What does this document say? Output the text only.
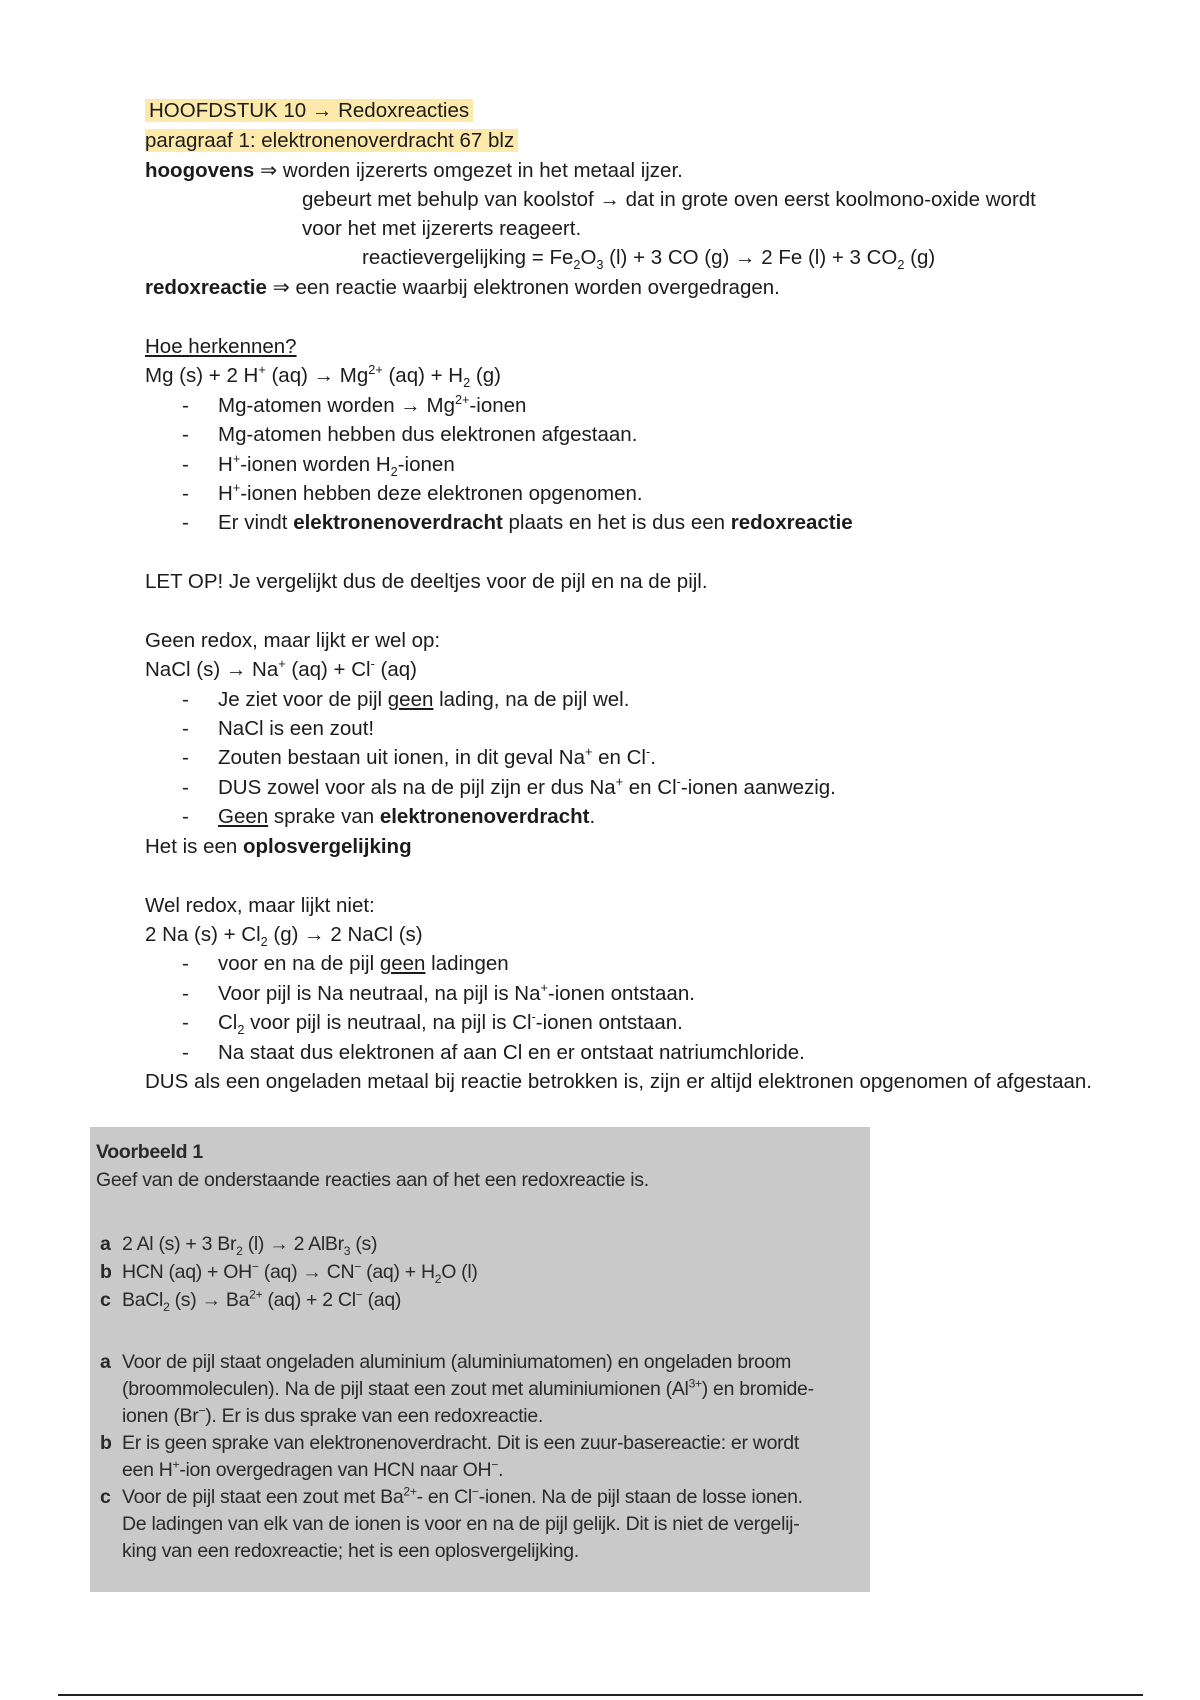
HOOFDSTUK 10 → Redoxreacties
paragraaf 1: elektronenoverdracht 67 blz
hoogovens ⇒ worden ijzererts omgezet in het metaal ijzer.
gebeurt met behulp van koolstof → dat in grote oven eerst koolmono-oxide wordt
voor het met ijzererts reageert.
reactievergelijking = $Fe_2O_3$ (l) + 3 CO (g) → 2 Fe (l) + 3 $CO_2$ (g)
redoxreactie ⇒ een reactie waarbij elektronen worden overgedragen.
Hoe herkennen?
Mg (s) + 2 H+ $(aq) \to Mg^{2+}$ $(aq) + H_2$ (g)
- Mg-atomen worden → $Mg^{2+}$-ionen
- Mg-atomen hebben dus elektronen afgestaan.
- H+-ionen worden $H_2$-ionen
- H+-ionen hebben deze elektronen opgenomen.
- Er vindt elektronenoverdracht plaats en het is dus een redoxreactie
LET OP! Je vergelijkt dus de deeltjes voor de pijl en na de pijl.
Geen redox, maar lijkt er wel op:
NaCl (s) → Na+ (aq) + Cl- (aq)
- Je ziet voor de pijl geen lading, na de pijl wel.
- NaCl is een zout!
- Zouten bestaan uit ionen, in dit geval Na+ en Cl-.
- DUS zowel voor als na de pijl zijn er dus Na+ en Cl--ionen aanwezig.
- Geen sprake van elektronenoverdracht.
Het is een oplosvergelijking
Wel redox, maar lijkt niet:
2 Na $(s) + Cl_2$ (g) → 2 NaCl (s)
- voor en na de pijl geen ladingen
- Voor pijl is Na neutraal, na pijl is Na+-ionen ontstaan.
- $Cl_2$ voor pijl is neutraal, na pijl is Cl--ionen ontstaan.
- Na staat dus elektronen af aan Cl en er ontstaat natriumchloride.
DUS als een ongeladen metaal bij reactie betrokken is, zijn er altijd elektronen opgenomen of afgestaan.
Voorbeeld 1
Geef van de onderstaande reacties aan of het een redoxreactie is.
a 2 Al (s) + 3 $Br_2$ (l) → 2 AlBr$_3$ (s)
b HCN (aq) + OH− (aq) → CN− $(aq) + H_2O$ (l)
c BaCl$_2$ $(s) \to Ba^{2+}$ (aq) + 2 Cl− (aq)
a Voor de pijl staat ongeladen aluminium (aluminiumatomen) en ongeladen broom
(broommoleculen). Na de pijl staat een zout met aluminiumionen $(Al^{3+})$ en bromide-
ionen (Br−). Er is dus sprake van een redoxreactie.
b Er is geen sprake van elektronenoverdracht. Dit is een zuur-basereactie: er wordt
een H+-ion overgedragen van HCN naar OH−.
c Voor de pijl staat een zout met $Ba^{2+}-$ en Cl−-ionen. Na de pijl staan de losse ionen.
De ladingen van elk van de ionen is voor en na de pijl gelijk. Dit is niet de vergelij-
king van een redoxreactie; het is een oplosvergelijking.
